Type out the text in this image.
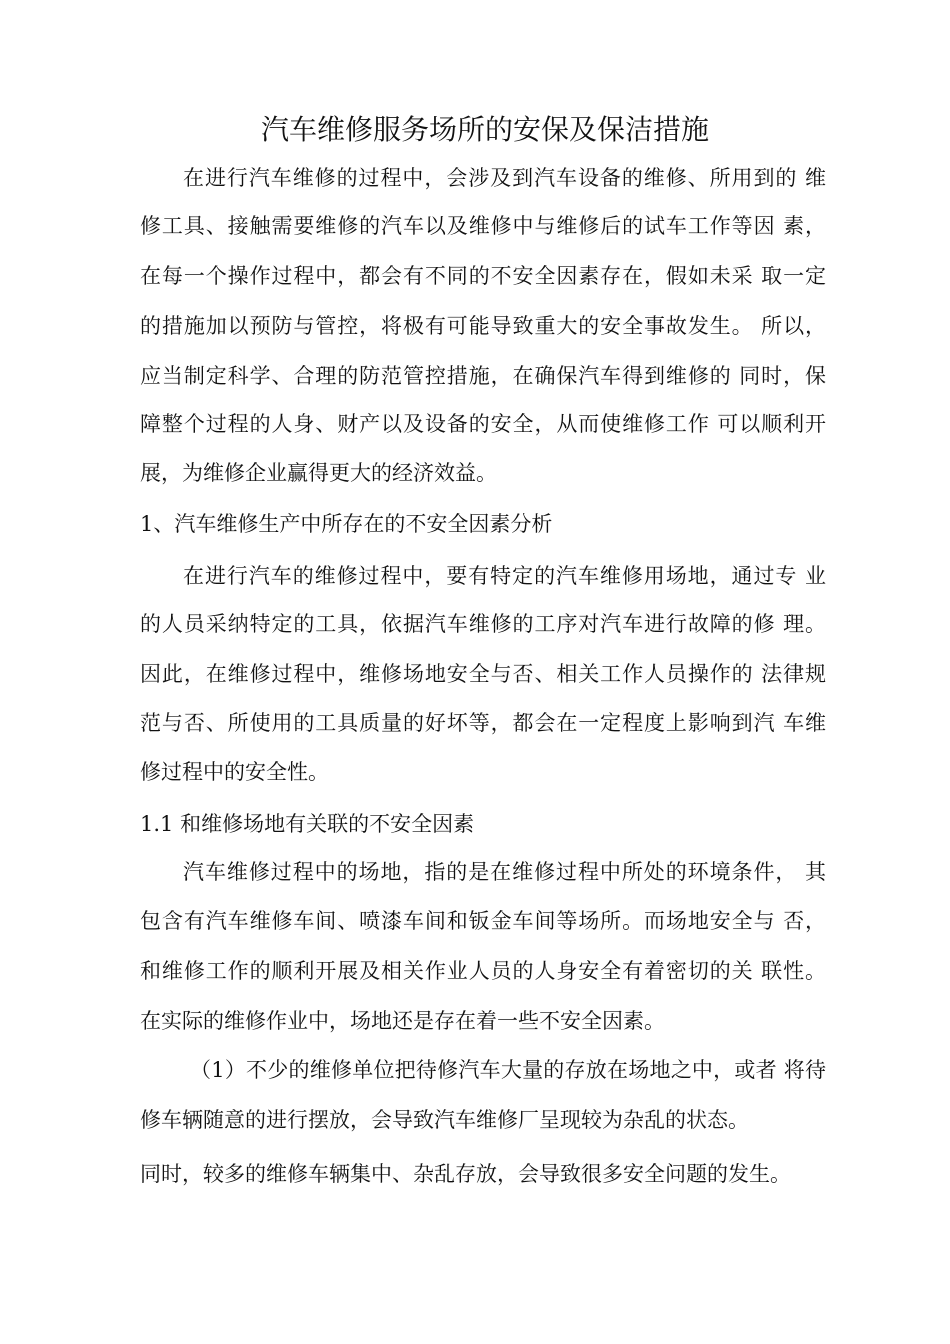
汽车维修服务场所的安保及保洁措施
在进行汽车维修的过程中，会涉及到汽车设备的维修、所用到的 维
修工具、接触需要维修的汽车以及维修中与维修后的试车工作等因 素，
在每一个操作过程中，都会有不同的不安全因素存在，假如未采 取一定
的措施加以预防与管控，将极有可能导致重大的安全事故发生。 所以，
应当制定科学、合理的防范管控措施，在确保汽车得到维修的 同时，保
障整个过程的人身、财产以及设备的安全，从而使维修工作 可以顺利开
展，为维修企业赢得更大的经济效益。
1、汽车维修生产中所存在的不安全因素分析
在进行汽车的维修过程中，要有特定的汽车维修用场地，通过专 业
的人员采纳特定的工具，依据汽车维修的工序对汽车进行故障的修 理。
因此，在维修过程中，维修场地安全与否、相关工作人员操作的 法律规
范与否、所使用的工具质量的好坏等，都会在一定程度上影响到汽 车维
修过程中的安全性。
1.1 和维修场地有关联的不安全因素
汽车维修过程中的场地，指的是在维修过程中所处的环境条件， 其
包含有汽车维修车间、喷漆车间和钣金车间等场所。而场地安全与 否，
和维修工作的顺利开展及相关作业人员的人身安全有着密切的关 联性。
在实际的维修作业中，场地还是存在着一些不安全因素。
（1）不少的维修单位把待修汽车大量的存放在场地之中，或者 将待
修车辆随意的进行摆放，会导致汽车维修厂呈现较为杂乱的状态。
同时，较多的维修车辆集中、杂乱存放，会导致很多安全问题的发生。
